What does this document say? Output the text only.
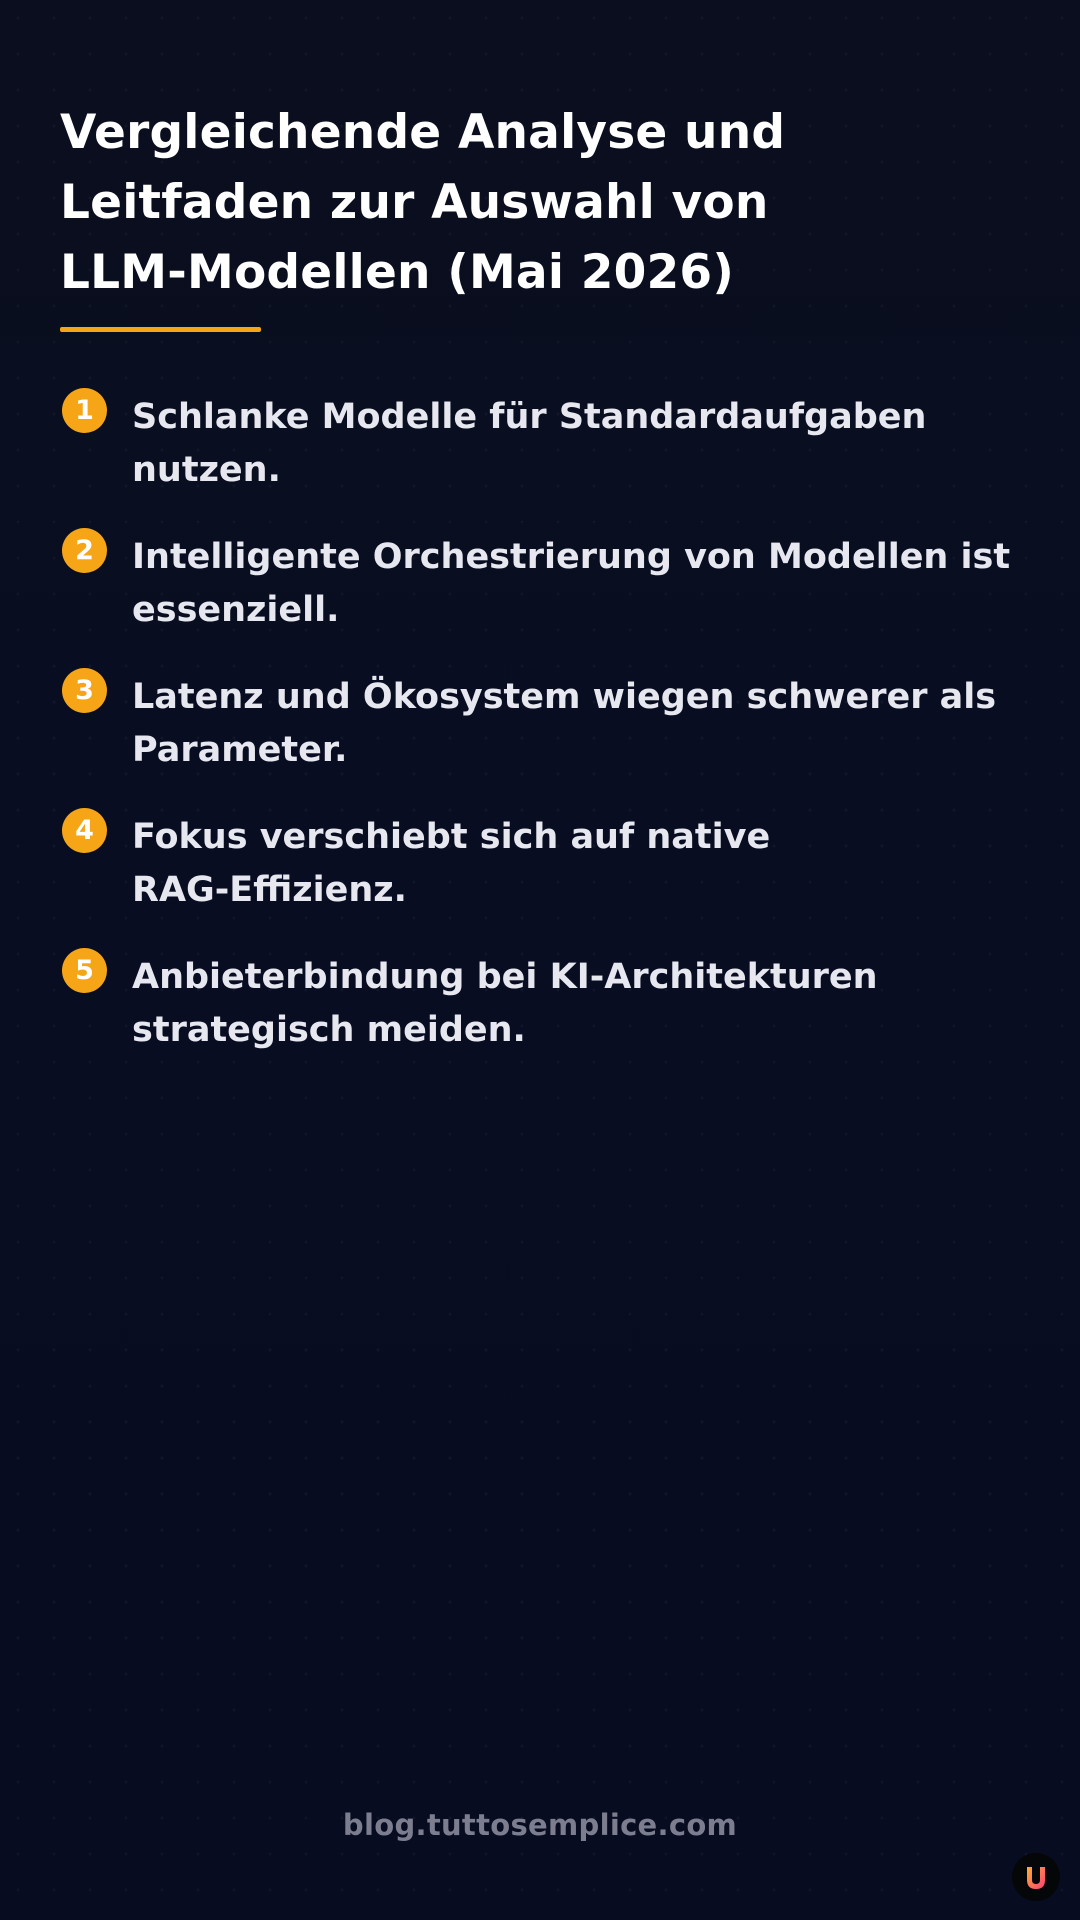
Vergleichende Analyse und
Leitfaden zur Auswahl von
LLM-Modellen (Mai 2026)
1	Schlanke Modelle für Standardaufgaben
nutzen.
2	Intelligente Orchestrierung von Modellen ist
essenziell.
3	Latenz und Ökosystem wiegen schwerer als
Parameter.
4	Fokus verschiebt sich auf native
RAG-Effizienz.
5	Anbieterbindung bei KI-Architekturen
strategisch meiden.
blog.tuttosemplice.com
